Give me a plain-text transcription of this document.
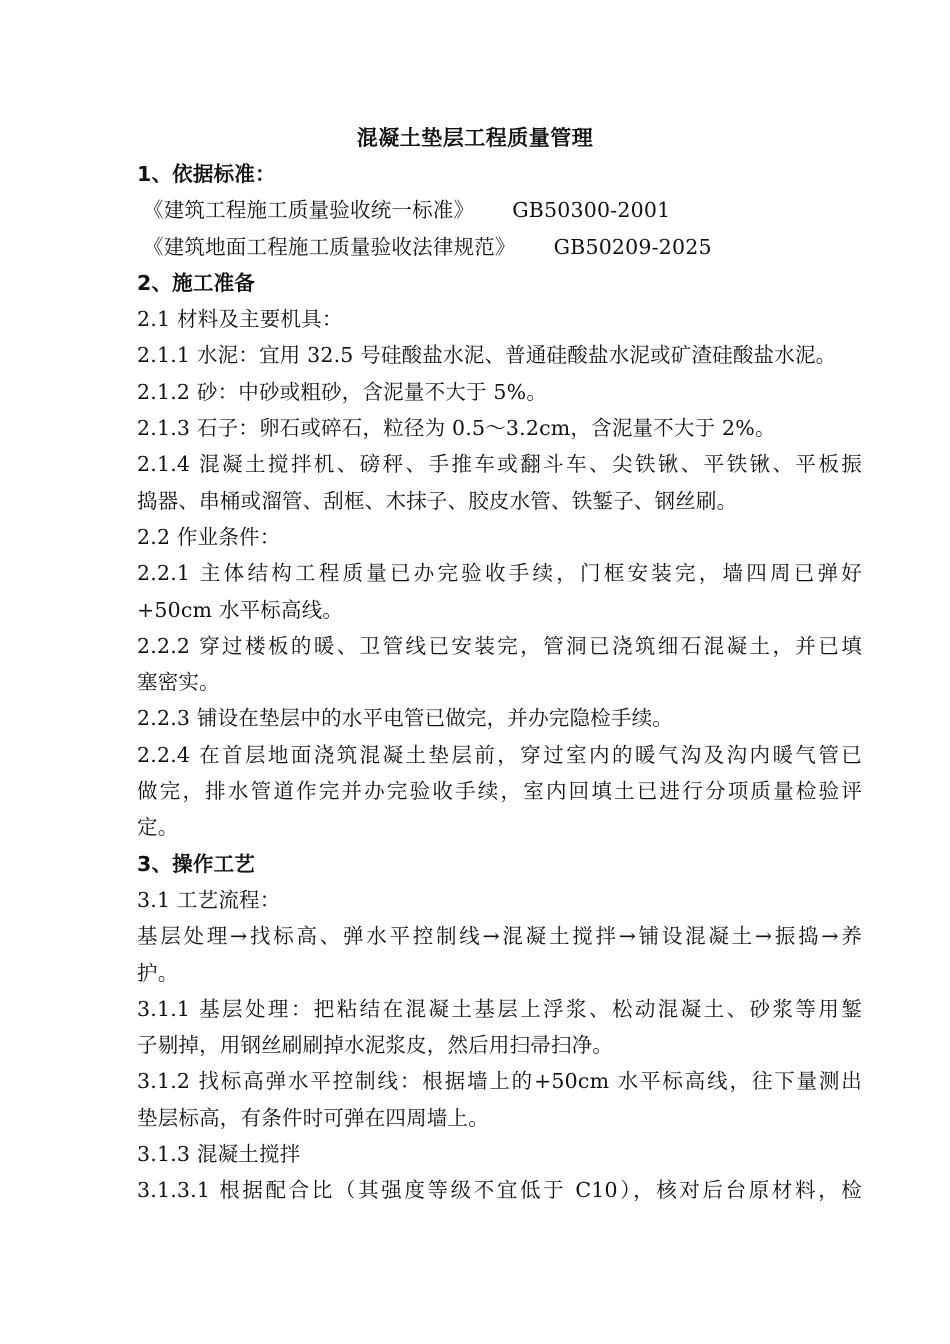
混凝土垫层工程质量管理
1、依据标准：
《建筑工程施工质量验收统一标准》 GB50300-2001
《建筑地面工程施工质量验收法律规范》 GB50209-2025
2、施工准备
2.1 材料及主要机具：
2.1.1 水泥：宜用 32.5 号硅酸盐水泥、普通硅酸盐水泥或矿渣硅酸盐水泥。
2.1.2 砂：中砂或粗砂，含泥量不大于 5%。
2.1.3 石子：卵石或碎石，粒径为 0.5～3.2cm，含泥量不大于 2%。
2.1.4 混凝土搅拌机、磅秤、手推车或翻斗车、尖铁锹、平铁锹、平板振
捣器、串桶或溜管、刮框、木抹子、胶皮水管、铁錾子、钢丝刷。
2.2 作业条件：
2.2.1 主体结构工程质量已办完验收手续，门框安装完，墙四周已弹好
+50cm 水平标高线。
2.2.2 穿过楼板的暖、卫管线已安装完，管洞已浇筑细石混凝土，并已填
塞密实。
2.2.3 铺设在垫层中的水平电管已做完，并办完隐检手续。
2.2.4 在首层地面浇筑混凝土垫层前，穿过室内的暖气沟及沟内暖气管已
做完，排水管道作完并办完验收手续，室内回填土已进行分项质量检验评
定。
3、操作工艺
3.1 工艺流程：
基层处理→找标高、弹水平控制线→混凝土搅拌→铺设混凝土→振捣→养
护。
3.1.1 基层处理：把粘结在混凝土基层上浮浆、松动混凝土、砂浆等用錾
子剔掉，用钢丝刷刷掉水泥浆皮，然后用扫帚扫净。
3.1.2 找标高弹水平控制线：根据墙上的+50cm 水平标高线，往下量测出
垫层标高，有条件时可弹在四周墙上。
3.1.3 混凝土搅拌
3.1.3.1 根据配合比（其强度等级不宜低于 C10），核对后台原材料，检
